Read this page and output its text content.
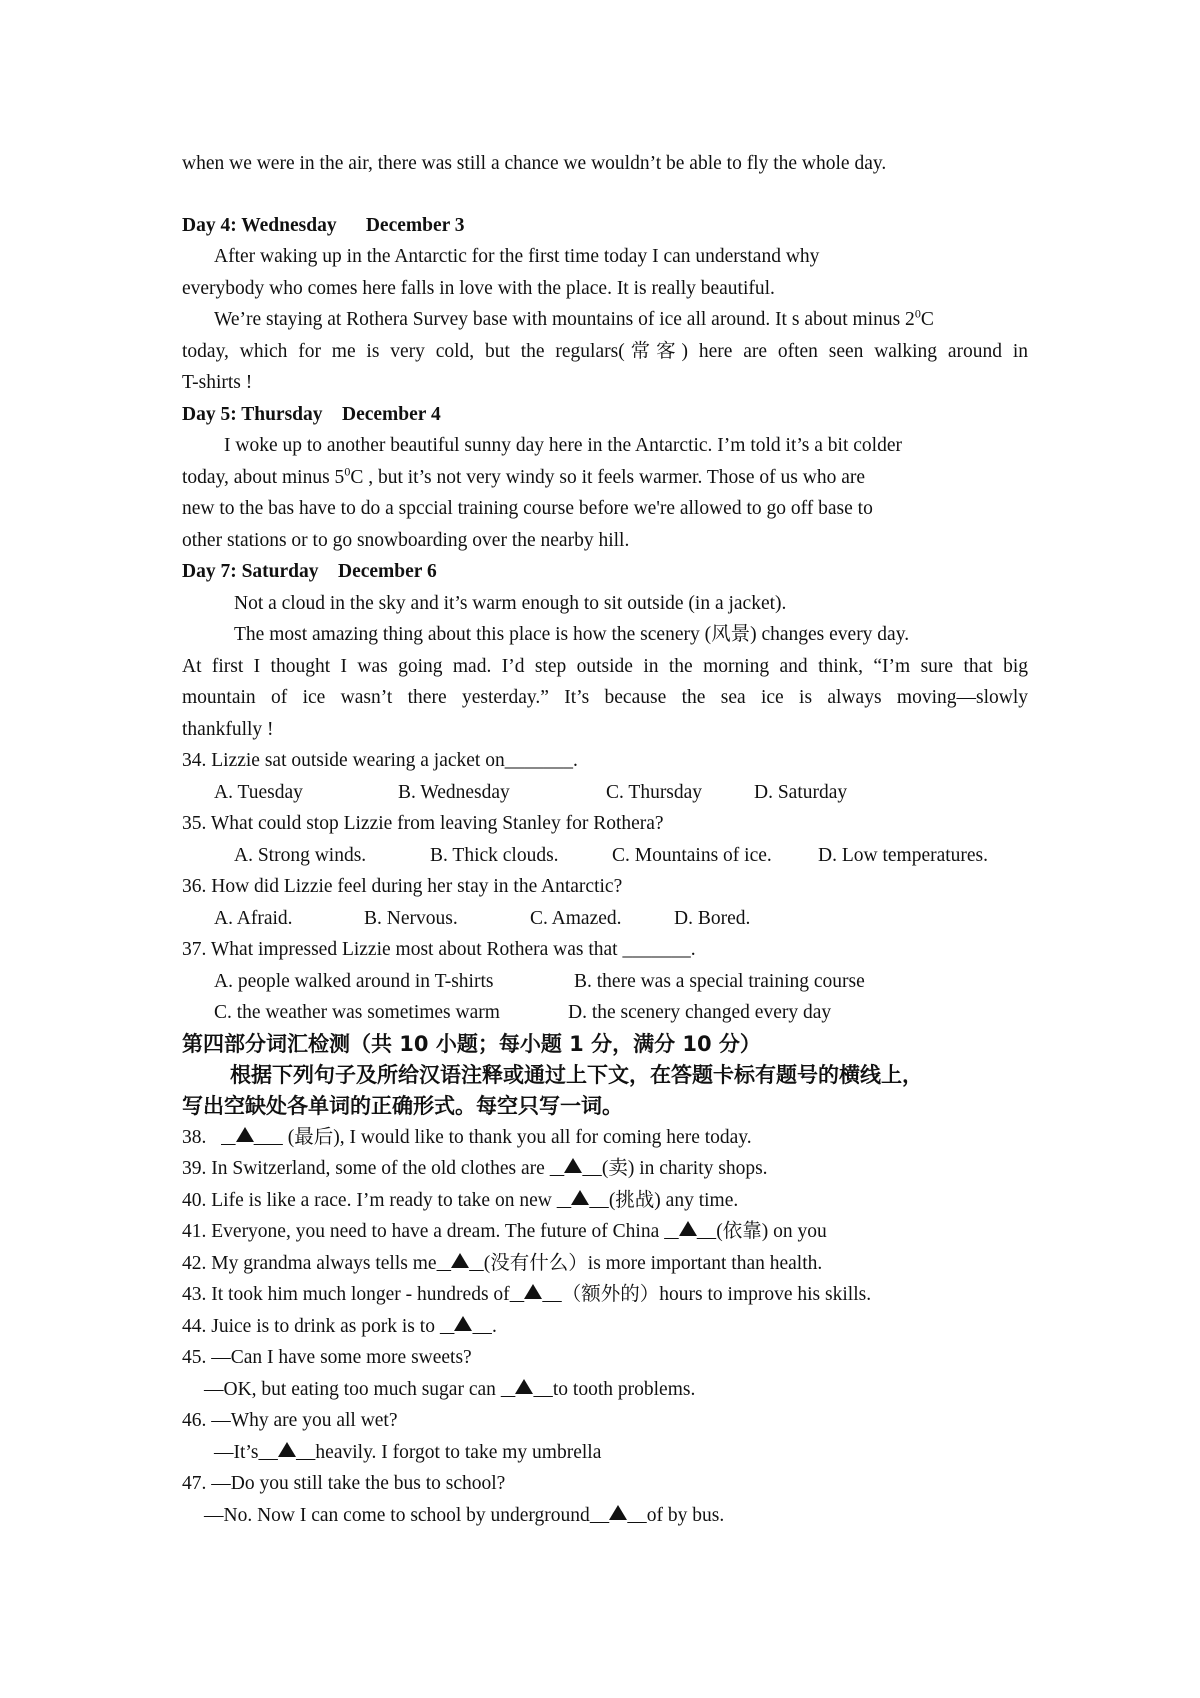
when we were in the air, there was still a chance we wouldn’t be able to fly the whole day.
Day 4: Wednesday      December 3
After waking up in the Antarctic for the first time today I can understand why
everybody who comes here falls in love with the place. It is really beautiful.
We’re staying at Rothera Survey base with mountains of ice all around. It s about minus $2^0C$
today, which for me is very cold, but the regulars(常客) here are often seen walking around in
T-shirts !
Day 5: Thursday    December 4
I woke up to another beautiful sunny day here in the Antarctic. I’m told it’s a bit colder
today, about minus $5^0C$ , but it’s not very windy so it feels warmer. Those of us who are
new to the bas have to do a spccial training course before we're allowed to go off base to
other stations or to go snowboarding over the nearby hill.
Day 7: Saturday    December 6
Not a cloud in the sky and it’s warm enough to sit outside (in a jacket).
The most amazing thing about this place is how the scenery (风景) changes every day.
At first I thought I was going mad. I’d step outside in the morning and think, “I’m sure that big
mountain of ice wasn’t there yesterday.” It’s because the sea ice is always moving—slowly
thankfully !
34. Lizzie sat outside wearing a jacket on_______.
A. Tuesday	B. Wednesday	C. Thursday	D. Saturday
35. What could stop Lizzie from leaving Stanley for Rothera?
A. Strong winds.	B. Thick clouds.	C. Mountains of ice.	D. Low temperatures.
36. How did Lizzie feel during her stay in the Antarctic?
A. Afraid.	B. Nervous.	C. Amazed.	D. Bored.
37. What impressed Lizzie most about Rothera was that _______.
A. people walked around in T-shirts	B. there was a special training course
C. the weather was sometimes warm	D. the scenery changed every day
第四部分词汇检测（共 10 小题；每小题 1 分，满分 10 分）
根据下列句子及所给汉语注释或通过上下文，在答题卡标有题号的横线上，
写出空缺处各单词的正确形式。每空只写一词。
38.	(最后), I would like to thank you all for coming here today.
39. In Switzerland, some of the old clothes are	(卖) in charity shops.
40. Life is like a race. I’m ready to take on new	(挑战) any time.
41. Everyone, you need to have a dream. The future of China	(依靠) on you
42. My grandma always tells me (没有什么）is more important than health.
43. It took him much longer - hundreds of	（额外的）hours to improve his skills.
44. Juice is to drink as pork is to	.
45. —Can I have some more sweets?
—OK, but eating too much sugar can	to tooth problems.
46. —Why are you all wet?
—It’s	heavily. I forgot to take my umbrella
47. —Do you still take the bus to school?
—No. Now I can come to school by underground	of by bus.
